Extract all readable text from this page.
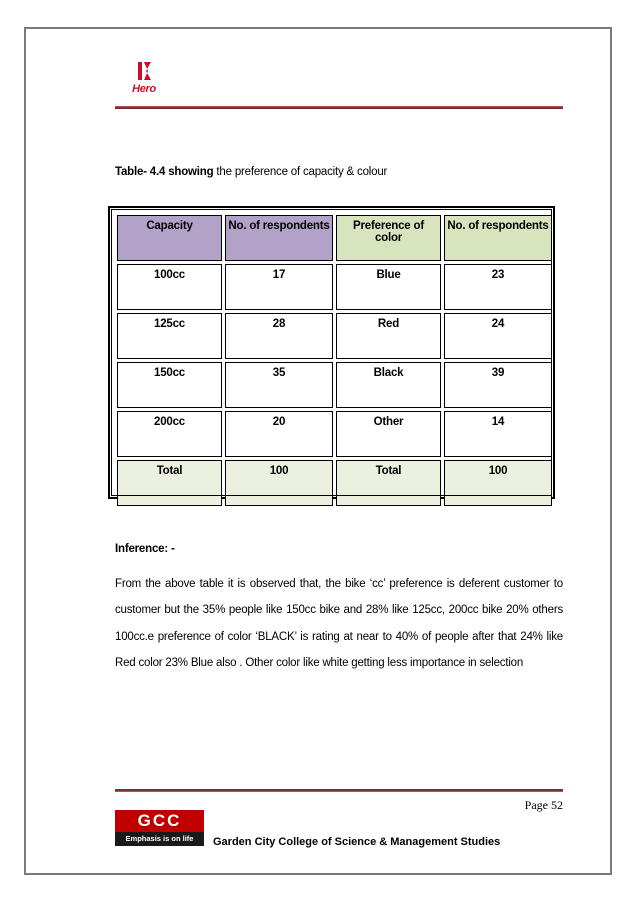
Hero
Table- 4.4 showing the preference of capacity & colour
Capacity	No. of respondents	Preference of color	No. of respondents
100cc	17	Blue	23
125cc	28	Red	24
150cc	35	Black	39
200cc	20	Other	14
Total	100	Total	100
Inference: -
From the above table it is observed that, the bike ‘cc’ preference is deferent customer to customer but the 35% people like 150cc bike and 28% like 125cc, 200cc bike 20% others 100cc.e preference of color ‘BLACK’ is rating at near to 40% of people after that 24% like Red color 23% Blue also . Other color like white getting less importance in selection
Page 52
GCC
Emphasis is on life	Garden City College of Science & Management Studies
